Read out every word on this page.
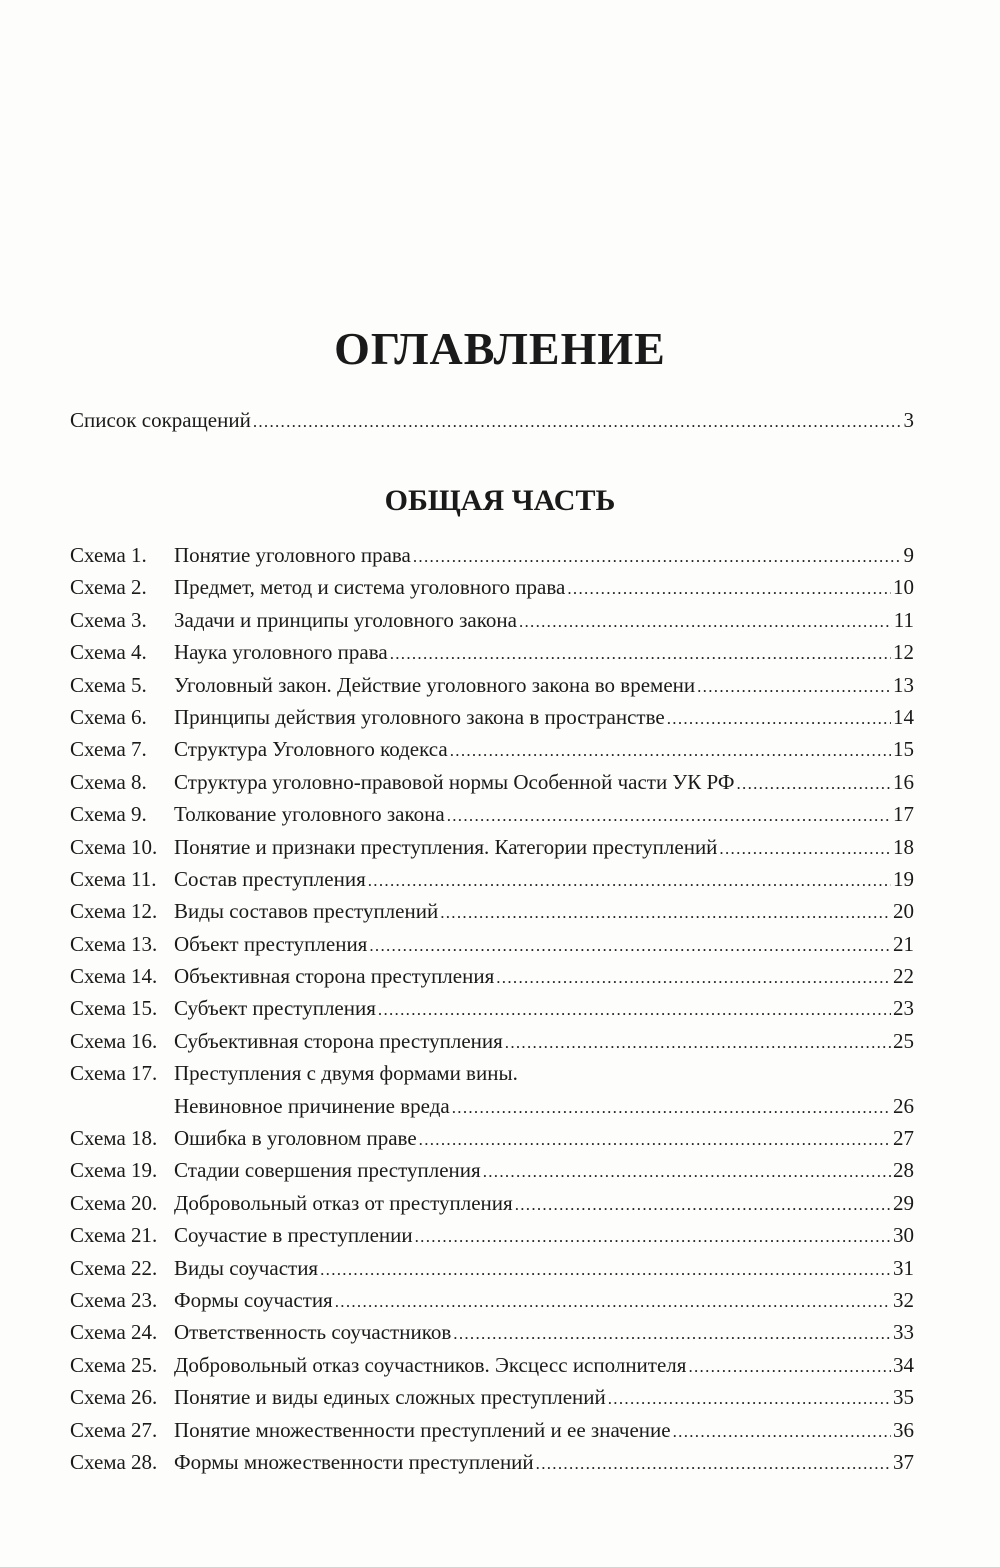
ОГЛАВЛЕНИЕ
Список сокращений .....	3
ОБЩАЯ ЧАСТЬ
Схема 1.	Понятие уголовного права .....	9
Схема 2.	Предмет, метод и система уголовного права .....	10
Схема 3.	Задачи и принципы уголовного закона .....	11
Схема 4.	Наука уголовного права .....	12
Схема 5.	Уголовный закон. Действие уголовного закона во времени .....	13
Схема 6.	Принципы действия уголовного закона в пространстве .....	14
Схема 7.	Структура Уголовного кодекса .....	15
Схема 8.	Структура уголовно-правовой нормы Особенной части УК РФ .....	16
Схема 9.	Толкование уголовного закона .....	17
Схема 10. Понятие и признаки преступления. Категории преступлений .....	18
Схема 11. Состав преступления .....	19
Схема 12. Виды составов преступлений .....	20
Схема 13. Объект преступления .....	21
Схема 14. Объективная сторона преступления .....	22
Схема 15. Субъект преступления .....	23
Схема 16. Субъективная сторона преступления .....	25
Схема 17. Преступления с двумя формами вины.
Невиновное причинение вреда .....	26
Схема 18. Ошибка в уголовном праве .....	27
Схема 19. Стадии совершения преступления .....	28
Схема 20. Добровольный отказ от преступления .....	29
Схема 21. Соучастие в преступлении .....	30
Схема 22. Виды соучастия .....	31
Схема 23. Формы соучастия .....	32
Схема 24. Ответственность соучастников .....	33
Схема 25. Добровольный отказ соучастников. Эксцесс исполнителя .....	34
Схема 26. Понятие и виды единых сложных преступлений .....	35
Схема 27. Понятие множественности преступлений и ее значение .....	36
Схема 28. Формы множественности преступлений .....	37
